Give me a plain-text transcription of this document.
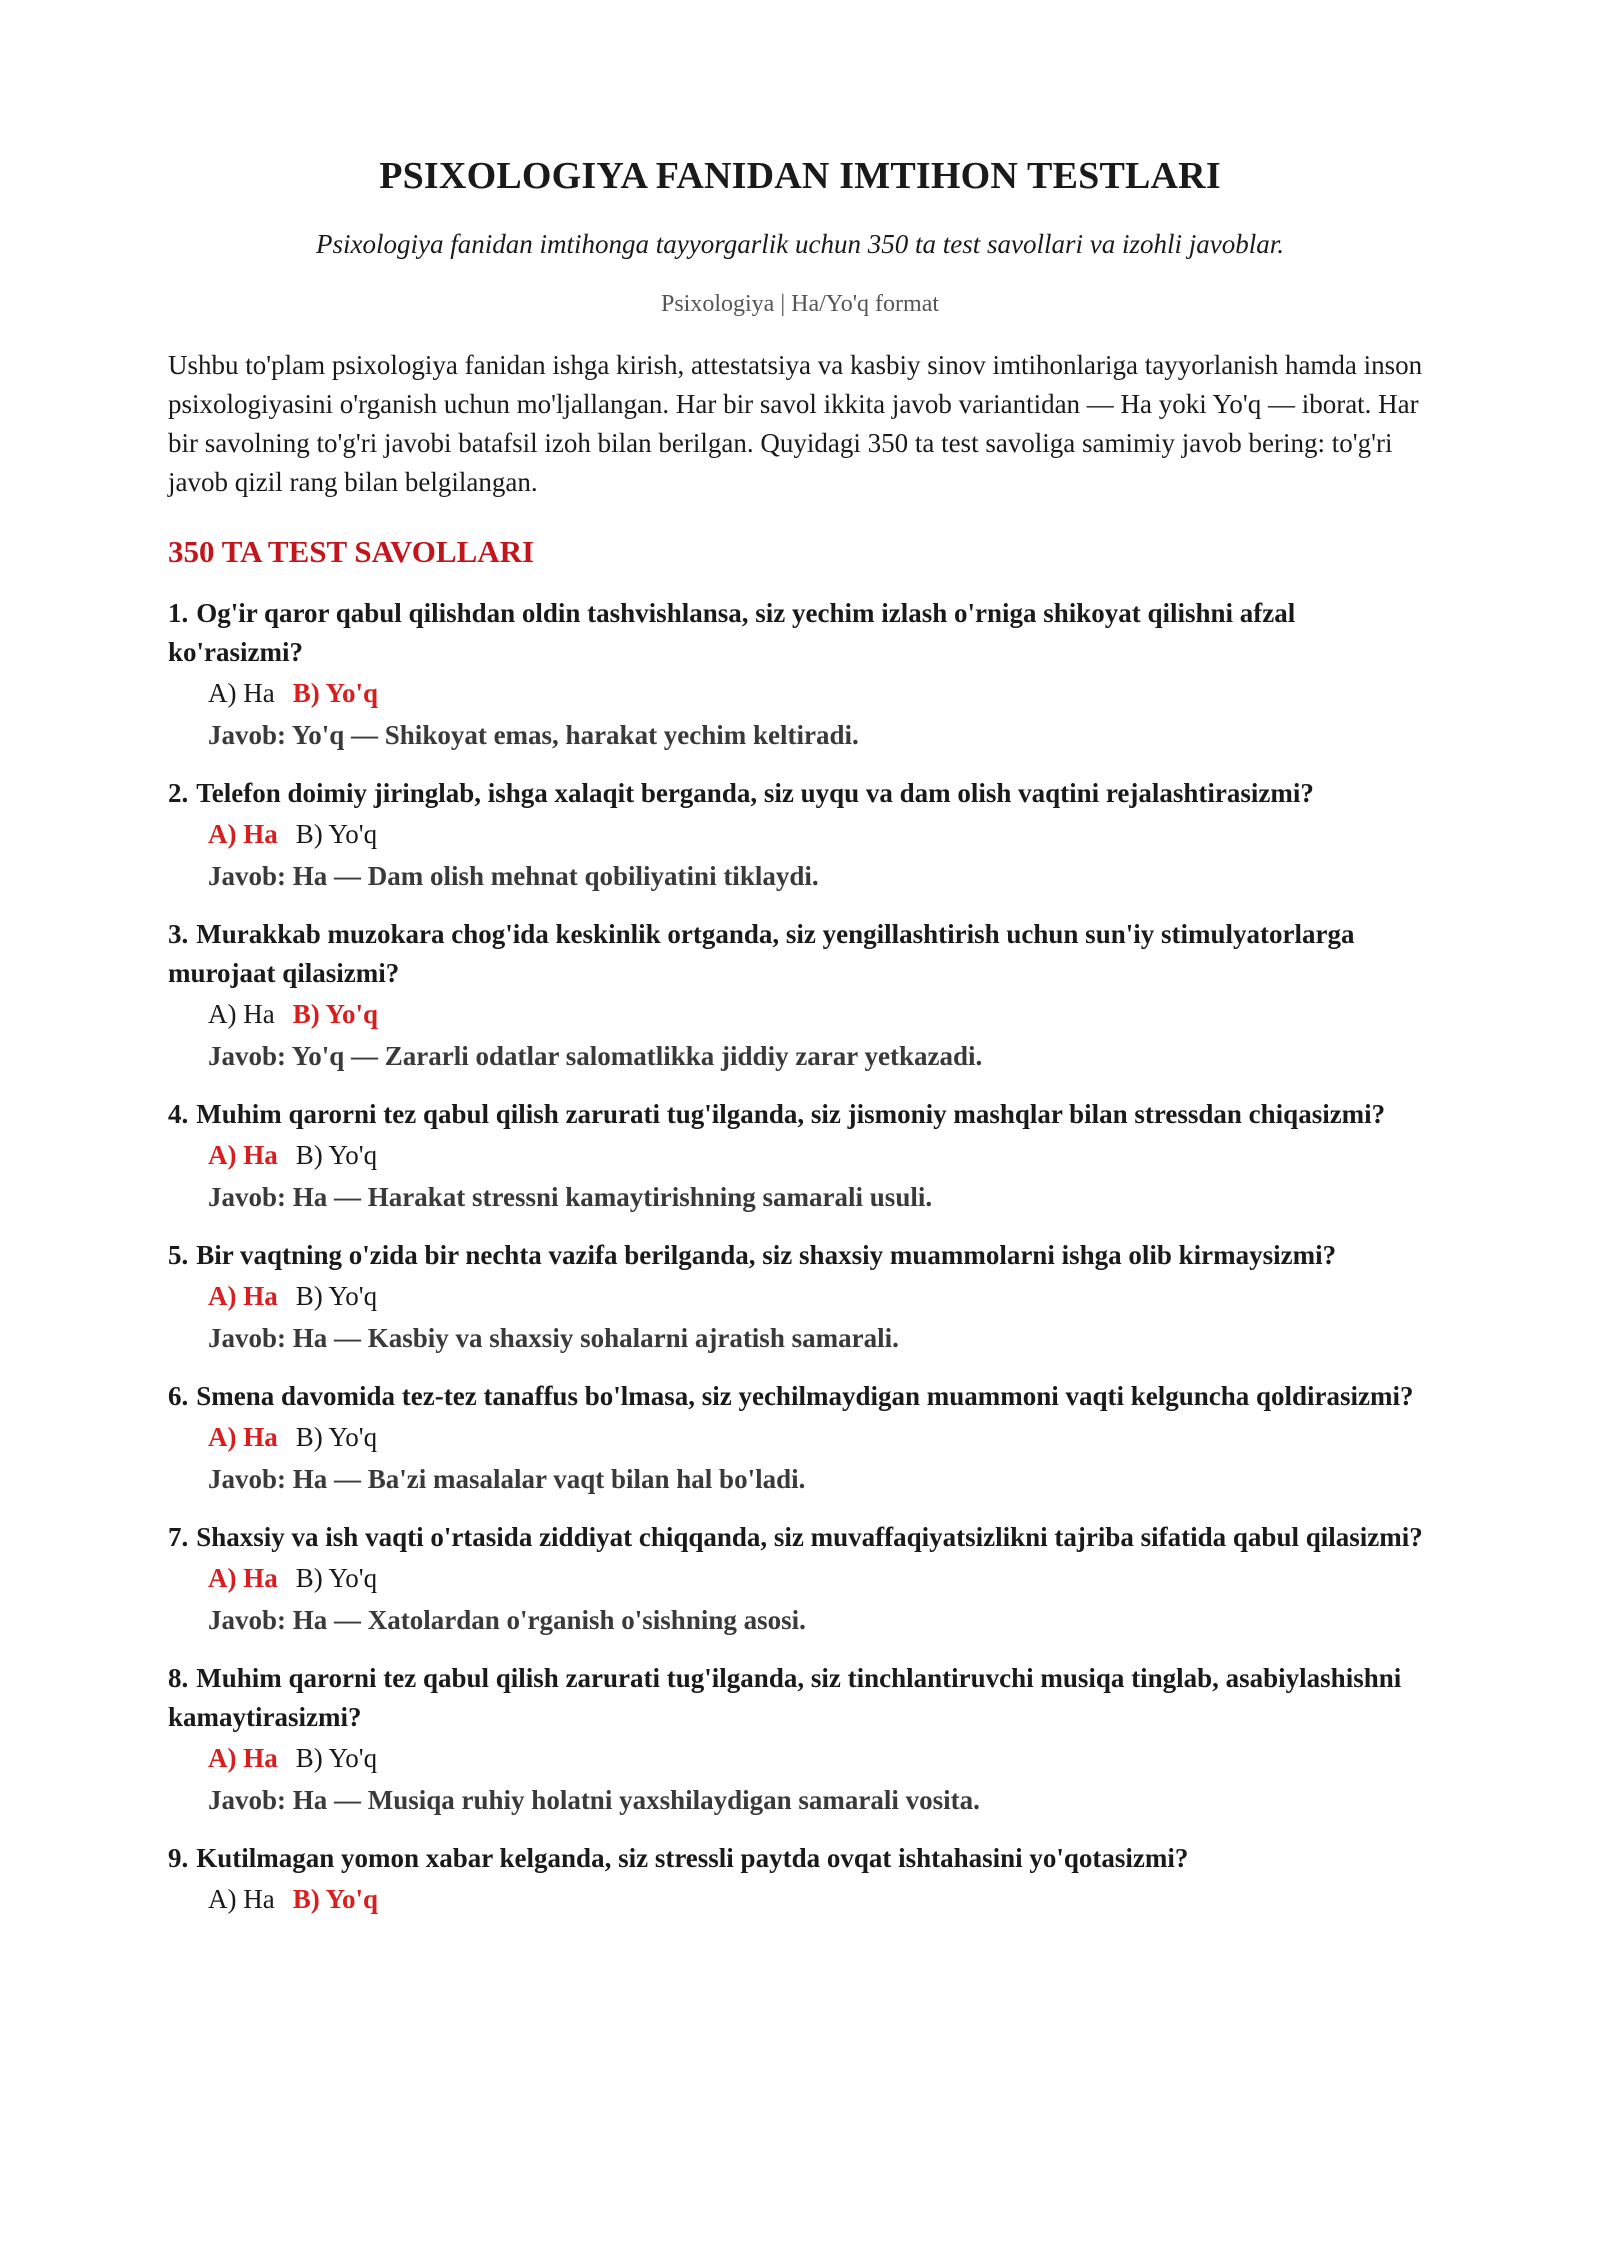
PSIXOLOGIYA FANIDAN IMTIHON TESTLARI

Psixologiya fanidan imtihonga tayyorgarlik uchun 350 ta test savollari va izohli javoblar.

Psixologiya | Ha/Yo'q format

Ushbu to'plam psixologiya fanidan ishga kirish, attestatsiya va kasbiy sinov imtihonlariga tayyorlanish hamda inson psixologiyasini o'rganish uchun mo'ljallangan. Har bir savol ikkita javob variantidan — Ha yoki Yo'q — iborat. Har bir savolning to'g'ri javobi batafsil izoh bilan berilgan. Quyidagi 350 ta test savoliga samimiy javob bering: to'g'ri javob qizil rang bilan belgilangan.

350 TA TEST SAVOLLARI
1. Og'ir qaror qabul qilishdan oldin tashvishlansa, siz yechim izlash o'rniga shikoyat qilishni afzal ko'rasizmi?
A) Ha B) Yo'q
Javob: Yo'q — Shikoyat emas, harakat yechim keltiradi.
2. Telefon doimiy jiringlab, ishga xalaqit berganda, siz uyqu va dam olish vaqtini rejalashtirasizmi?
A) Ha B) Yo'q
Javob: Ha — Dam olish mehnat qobiliyatini tiklaydi.
3. Murakkab muzokara chog'ida keskinlik ortganda, siz yengillashtirish uchun sun'iy stimulyatorlarga murojaat qilasizmi?
A) Ha B) Yo'q
Javob: Yo'q — Zararli odatlar salomatlikka jiddiy zarar yetkazadi.
4. Muhim qarorni tez qabul qilish zarurati tug'ilganda, siz jismoniy mashqlar bilan stressdan chiqasizmi?
A) Ha B) Yo'q
Javob: Ha — Harakat stressni kamaytirishning samarali usuli.
5. Bir vaqtning o'zida bir nechta vazifa berilganda, siz shaxsiy muammolarni ishga olib kirmaysizmi?
A) Ha B) Yo'q
Javob: Ha — Kasbiy va shaxsiy sohalarni ajratish samarali.
6. Smena davomida tez-tez tanaffus bo'lmasa, siz yechilmaydigan muammoni vaqti kelguncha qoldirasizmi?
A) Ha B) Yo'q
Javob: Ha — Ba'zi masalalar vaqt bilan hal bo'ladi.
7. Shaxsiy va ish vaqti o'rtasida ziddiyat chiqqanda, siz muvaffaqiyatsizlikni tajriba sifatida qabul qilasizmi?
A) Ha B) Yo'q
Javob: Ha — Xatolardan o'rganish o'sishning asosi.
8. Muhim qarorni tez qabul qilish zarurati tug'ilganda, siz tinchlantiruvchi musiqa tinglab, asabiylashishni kamaytirasizmi?
A) Ha B) Yo'q
Javob: Ha — Musiqa ruhiy holatni yaxshilaydigan samarali vosita.
9. Kutilmagan yomon xabar kelganda, siz stressli paytda ovqat ishtahasini yo'qotasizmi?
A) Ha B) Yo'q
